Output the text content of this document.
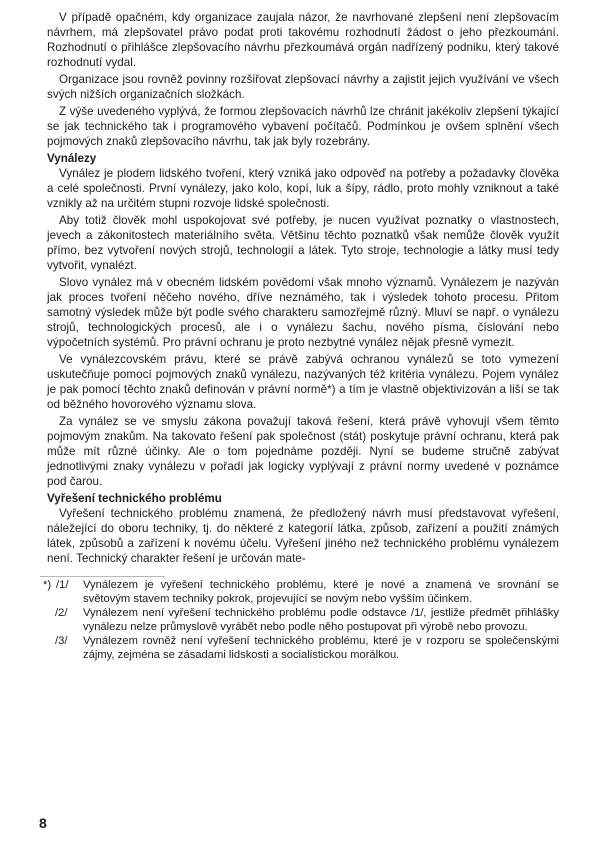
V případě opačném, kdy organizace zaujala názor, že navrhované zlepšení není zlepšovacím návrhem, má zlepšovatel právo podat proti takovému rozhodnutí žádost o jeho přezkoumání. Rozhodnutí o přihlášce zlepšovacího návrhu přezkoumává orgán nadřízený podniku, který takové rozhodnutí vydal.

Organizace jsou rovněž povinny rozšiřovat zlepšovací návrhy a zajistit jejich využívání ve všech svých nižších organizačních složkách.

Z výše uvedeného vyplývá, že formou zlepšovacích návrhů lze chránit jakékoliv zlepšení týkající se jak technického tak i programového vybavení počítačů. Podmínkou je ovšem splnění všech pojmových znaků zlepšovacího návrhu, tak jak byly rozebrány.

Vynálezy

Vynález je plodem lidského tvoření, který vzniká jako odpověď na potřeby a požadavky člověka a celé společnosti. První vynálezy, jako kolo, kopí, luk a šípy, rádlo, proto mohly vzniknout a také vznikly až na určitém stupni rozvoje lidské společnosti.

Aby totiž člověk mohl uspokojovat své potřeby, je nucen využívat poznatky o vlastnostech, jevech a zákonitostech materiálního světa. Většinu těchto poznatků však nemůže člověk využít přímo, bez vytvoření nových strojů, technologií a látek. Tyto stroje, technologie a látky musí tedy vytvořit, vynalézt.

Slovo vynález má v obecném lidském povědomí však mnoho významů. Vynálezem je nazýván jak proces tvoření něčeho nového, dříve neznámého, tak i výsledek tohoto procesu. Přitom samotný výsledek může být podle svého charakteru samozřejmě různý. Mluví se např. o vynálezu strojů, technologických procesů, ale i o vynálezu šachu, nového písma, číslování nebo výpočetních systémů. Pro právní ochranu je proto nezbytné vynález nějak přesně vymezit.

Ve vynálezcovském právu, které se právě zabývá ochranou vynálezů se toto vymezení uskutečňuje pomocí pojmových znaků vynálezu, nazývaných též kritéria vynálezu. Pojem vynález je pak pomocí těchto znaků definován v právní normě*) a tím je vlastně objektivizován a liší se tak od běžného hovorového významu slova.

Za vynález se ve smyslu zákona považují taková řešení, která právě vyhovují všem těmto pojmovým znakům. Na takovato řešení pak společnost (stát) poskytuje právní ochranu, která pak může mít různé účinky. Ale o tom pojednáme později. Nyní se budeme stručně zabývat jednotlivými znaky vynálezu v pořadí jak logicky vyplývají z právní normy uvedené v poznámce pod čarou.

Vyřešení technického problému

Vyřešení technického problému znamená, že předložený návrh musí představovat vyřešení, náležející do oboru techniky, tj. do některé z kategorií látka, způsob, zařízení a použití známých látek, způsobů a zařízení k novému účelu. Vyřešení jiného než technického problému vynálezem není. Technický charakter řešení je určován mate-

*) /1/ Vynálezem je vyřešení technického problému, které je nové a znamená ve srovnání se světovým stavem techniky pokrok, projevující se novým nebo vyšším účinkem.
/2/ Vynálezem není vyřešení technického problému podle odstavce /1/, jestliže předmět přihlášky vynálezu nelze průmyslově vyrábět nebo podle něho postupovat při výrobě nebo provozu.
/3/ Vynálezem rovněž není vyřešení technického problému, které je v rozporu se společenskými zájmy, zejména se zásadami lidskosti a socialistickou morálkou.
8
